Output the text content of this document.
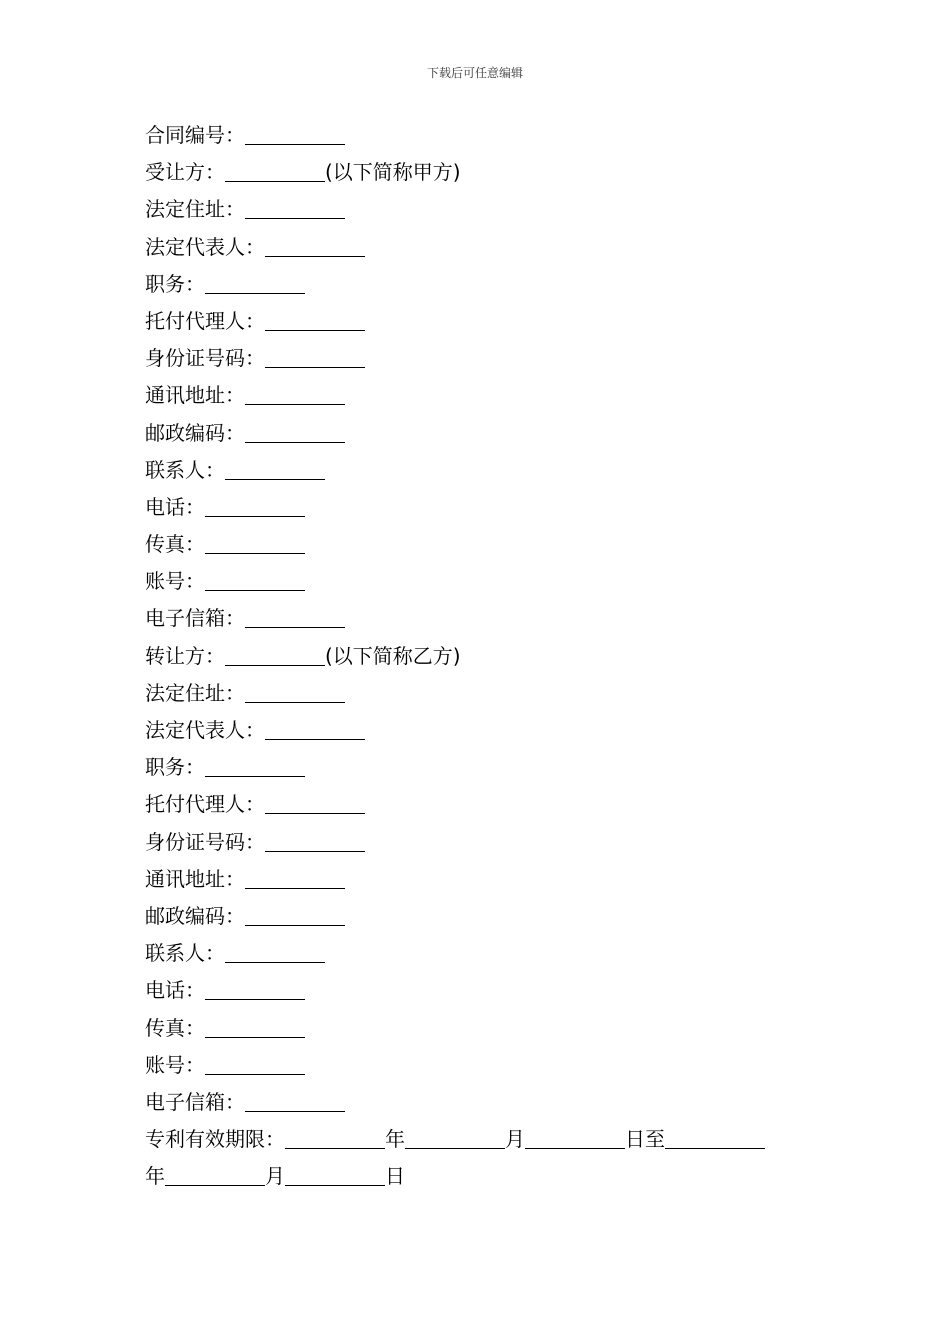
下载后可任意编辑
合同编号：
受让方：	(以下简称甲方)
法定住址：
法定代表人：
职务：
托付代理人：
身份证号码：
通讯地址：
邮政编码：
联系人：
电话：
传真：
账号：
电子信箱：
转让方：	(以下简称乙方)
法定住址：
法定代表人：
职务：
托付代理人：
身份证号码：
通讯地址：
邮政编码：
联系人：
电话：
传真：
账号：
电子信箱：
专利有效期限：	年	月	日至
年	月	日
